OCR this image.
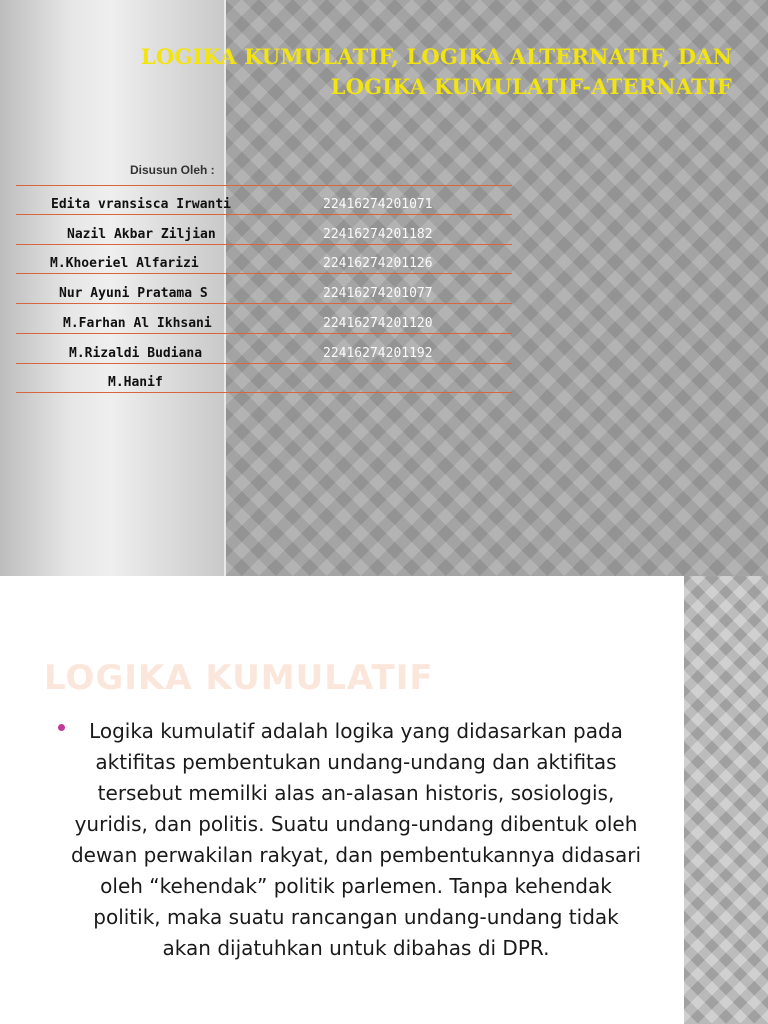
LOGIKA KUMULATIF, LOGIKA ALTERNATIF, DAN
LOGIKA KUMULATIF-ATERNATIF
Disusun Oleh :
Edita vransisca Irwanti	22416274201071
Nazil Akbar Ziljian	22416274201182
M.Khoeriel Alfarizi	22416274201126
Nur Ayuni Pratama S	22416274201077
M.Farhan Al Ikhsani	22416274201120
M.Rizaldi Budiana	22416274201192
M.Hanif
LOGIKA KUMULATIF
Logika kumulatif adalah logika yang didasarkan pada aktifitas pembentukan undang-undang dan aktifitas tersebut memilki alas an-alasan historis, sosiologis, yuridis, dan politis. Suatu undang-undang dibentuk oleh dewan perwakilan rakyat, dan pembentukannya didasari oleh “kehendak” politik parlemen. Tanpa kehendak politik, maka suatu rancangan undang-undang tidak akan dijatuhkan untuk dibahas di DPR.
